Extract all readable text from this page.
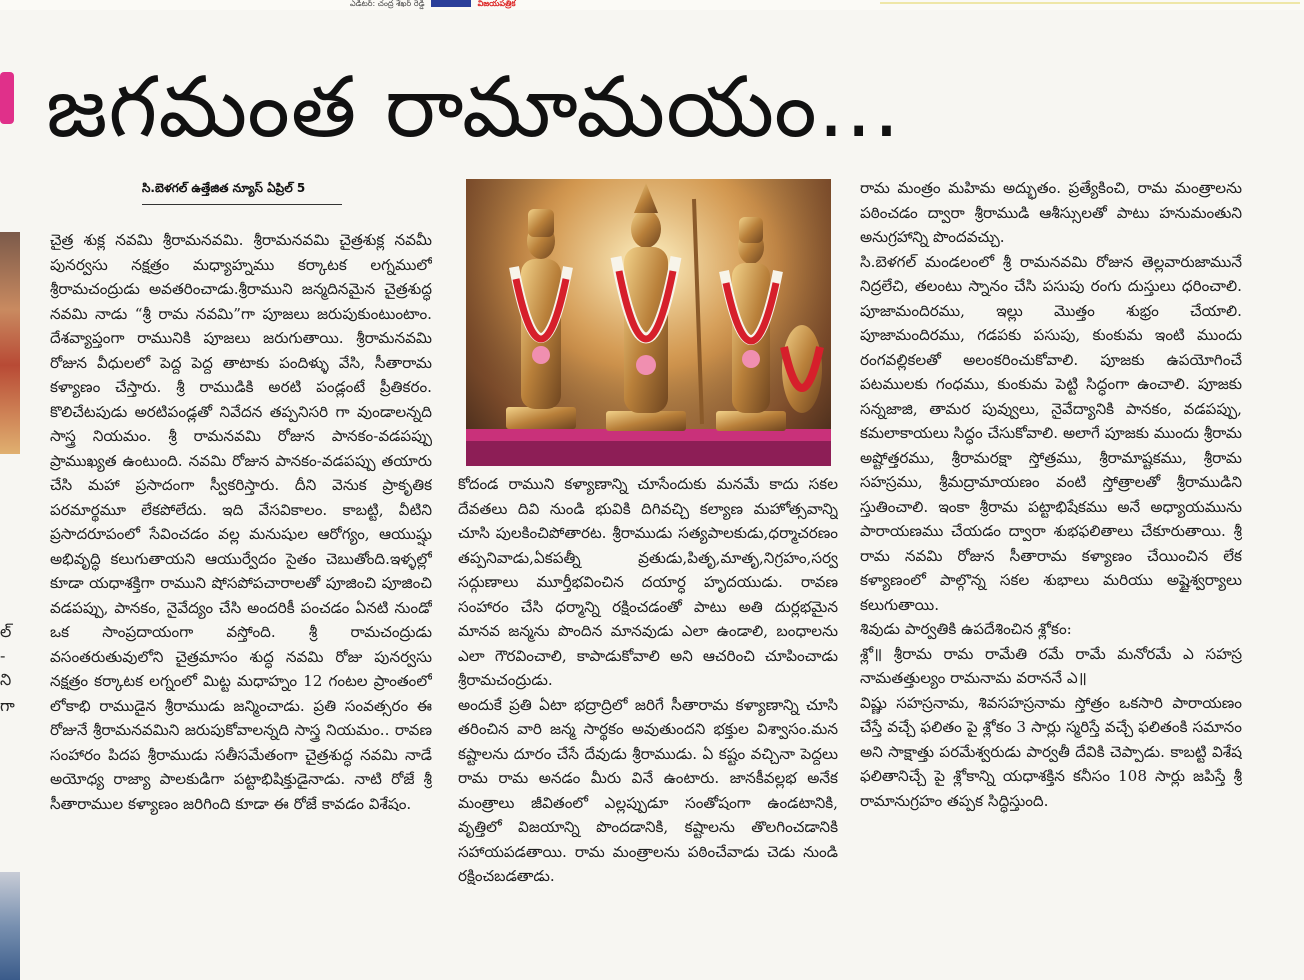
ఎడిటర్: చంద్ర శేఖర్ రెడ్డి	విజయపత్రిక
ల్
-
ని
గా
జగమంత రామామయం...
సి.బెళగల్ ఉత్తేజిత న్యూస్ ఏప్రిల్ 5

చైత్ర శుక్ల నవమి శ్రీరామనవమి. శ్రీరామనవమి చైత్రశుక్ల నవమీ పునర్వసు నక్షత్రం మధ్యాహ్నము కర్కాటక లగ్నములో శ్రీరామచంద్రుడు అవతరించాడు.శ్రీరాముని జన్మదినమైన చైత్రశుద్ధ నవమి నాడు “శ్రీ రామ నవమి”గా పూజలు జరుపుకుంటుంటాం. దేశవ్యాప్తంగా రామునికి పూజలు జరుగుతాయి. శ్రీరామనవమి రోజున వీధులలో పెద్ద పెద్ద తాటాకు పందిళ్ళు వేసి, సీతారామ కళ్యాణం చేస్తారు. శ్రీ రాముడికి అరటి పండ్లంటే ప్రీతికరం. కొలిచేటపుడు అరటిపండ్లతో నివేదన తప్పనిసరి గా వుండాలన్నది సాస్త్ర నియమం. శ్రీ రామనవమి రోజున పానకం-వడపప్పు ప్రాముఖ్యత ఉంటుంది. నవమి రోజున పానకం-వడపప్పు తయారు చేసి మహా ప్రసాదంగా స్వీకరిస్తారు. దీని వెనుక ప్రాకృతిక పరమార్థమూ లేకపోలేదు. ఇది వేసవికాలం. కాబట్టి, వీటిని ప్రసాదరూపంలో సేవించడం వల్ల మనుషుల ఆరోగ్యం, ఆయుష్షు అభివృద్ధి కలుగుతాయని ఆయుర్వేదం సైతం చెబుతోంది.ఇళ్ళల్లో కూడా యధాశక్తిగా రాముని షోసపోపచారాలతో పూజించి పూజించి వడపప్పు, పానకం, నైవేద్యం చేసి అందరికీ పంచడం ఏనటి నుండో ఒక సాంప్రదాయంగా వస్తోంది. శ్రీ రామచంద్రుడు వసంతరుతువులోని చైత్రమాసం శుద్ధ నవమి రోజు పునర్వసు నక్షత్రం కర్కాటక లగ్నంలో మిట్ట మధాహ్నం 12 గంటల ప్రాంతంలో లోకాభి రాముడైన శ్రీరాముడు జన్మించాడు. ప్రతి సంవత్సరం ఈ రోజునే శ్రీరామనవమిని జరుపుకోవాలన్నది సాస్త్ర నియమం.. రావణ సంహారం పిదప శ్రీరాముడు సతీసమేతంగా చైత్రశుద్ధ నవమి నాడే అయోధ్య రాజ్యా పాలకుడిగా పట్టాభిషిక్తుడైనాడు. నాటి రోజే శ్రీ సీతారాముల కళ్యాణం జరిగింది కూడా ఈ రోజే కావడం విశేషం.

కోదండ రాముని కళ్యాణాన్ని చూసేందుకు మనమే కాదు సకల దేవతలు దివి నుండి భువికి దిగివచ్చి కల్యాణ మహోత్సవాన్ని చూసి పులకించిపోతారట. శ్రీరాముడు సత్యపాలకుడు,ధర్మాచరణం తప్పనివాడు,ఏకపత్నీ వ్రతుడు,పితృ,మాతృ,నిగ్రహం,సర్వ సద్గుణాలు మూర్తీభవించిన దయార్ధ హృదయుడు. రావణ సంహారం చేసి ధర్మాన్ని రక్షించడంతో పాటు అతి దుర్లభమైన మానవ జన్మను పొందిన మానవుడు ఎలా ఉండాలి, బంధాలను ఎలా గౌరవించాలి, కాపాడుకోవాలి అని ఆచరించి చూపించాడు శ్రీరామచంద్రుడు.

అందుకే ప్రతి ఏటా భద్రాద్రిలో జరిగే సీతారామ కళ్యాణాన్ని చూసి తరించిన వారి జన్మ సార్థకం అవుతుందని భక్తుల విశ్వాసం.మన కష్టాలను దూరం చేసే దేవుడు శ్రీరాముడు. ఏ కష్టం వచ్చినా పెద్దలు రామ రామ అనడం మీరు వినే ఉంటారు. జానకీవల్లభ అనేక మంత్రాలు జీవితంలో ఎల్లప్పుడూ సంతోషంగా ఉండటానికి, వృత్తిలో విజయాన్ని పొందడానికి, కష్టాలను తొలగించడానికి సహాయపడతాయి. రామ మంత్రాలను పఠించేవాడు చెడు నుండి రక్షించబడతాడు.

రామ మంత్రం మహిమ అద్భుతం. ప్రత్యేకించి, రామ మంత్రాలను పఠించడం ద్వారా శ్రీరాముడి ఆశీస్సులతో పాటు హనుమంతుని అనుగ్రహాన్ని పొందవచ్చు.

సి.బెళగల్ మండలంలో శ్రీ రామనవమి రోజున తెల్లవారుజామునే నిద్రలేచి, తలంటు స్నానం చేసి పసుపు రంగు దుస్తులు ధరించాలి. పూజామందిరము, ఇల్లు మొత్తం శుభ్రం చేయాలి. పూజామందిరము, గడపకు పసుపు, కుంకుమ ఇంటి ముందు రంగవల్లికలతో అలంకరించుకోవాలి. పూజకు ఉపయోగించే పటములకు గంధము, కుంకుమ పెట్టి సిద్ధంగా ఉంచాలి. పూజకు సన్నజాజి, తామర పువ్వులు, నైవేద్యానికి పానకం, వడపప్పు, కమలాకాయలు సిద్ధం చేసుకోవాలి. అలాగే పూజకు ముందు శ్రీరామ అష్టోత్తరము, శ్రీరామరక్షా స్తోత్రము, శ్రీరామాష్టకము, శ్రీరామ సహస్రము, శ్రీమద్రామాయణం వంటి స్తోత్రాలతో శ్రీరాముడిని స్తుతించాలి. ఇంకా శ్రీరామ పట్టాభిషేకము అనే అధ్యాయమును పారాయణము చేయడం ద్వారా శుభఫలితాలు చేకూరుతాయి. శ్రీ రామ నవమి రోజున సీతారామ కళ్యాణం చేయించిన లేక కళ్యాణంలో పాల్గొన్న సకల శుభాలు మరియు అష్టైశ్వర్యాలు కలుగుతాయి.

శివుడు పార్వతికి ఉపదేశించిన శ్లోకం:

శ్లో॥ శ్రీరామ రామ రామేతి రమే రామే మనోరమే ఎ సహస్ర నామతత్తుల్యం రామనామ వరాననే ఎ॥

విష్ణు సహస్రనామ, శివసహస్రనామ స్తోత్రం ఒకసారి పారాయణం చేస్తే వచ్చే ఫలితం పై శ్లోకం 3 సార్లు స్మరిస్తే వచ్చే ఫలితంకి సమానం అని సాక్షాత్తు పరమేశ్వరుడు పార్వతీ దేవికి చెప్పాడు. కాబట్టి విశేష ఫలితానిచ్చే పై శ్లోకాన్ని యధాశక్తిన కనీసం 108 సార్లు జపిస్తే శ్రీ రామానుగ్రహం తప్పక సిద్ధిస్తుంది.
